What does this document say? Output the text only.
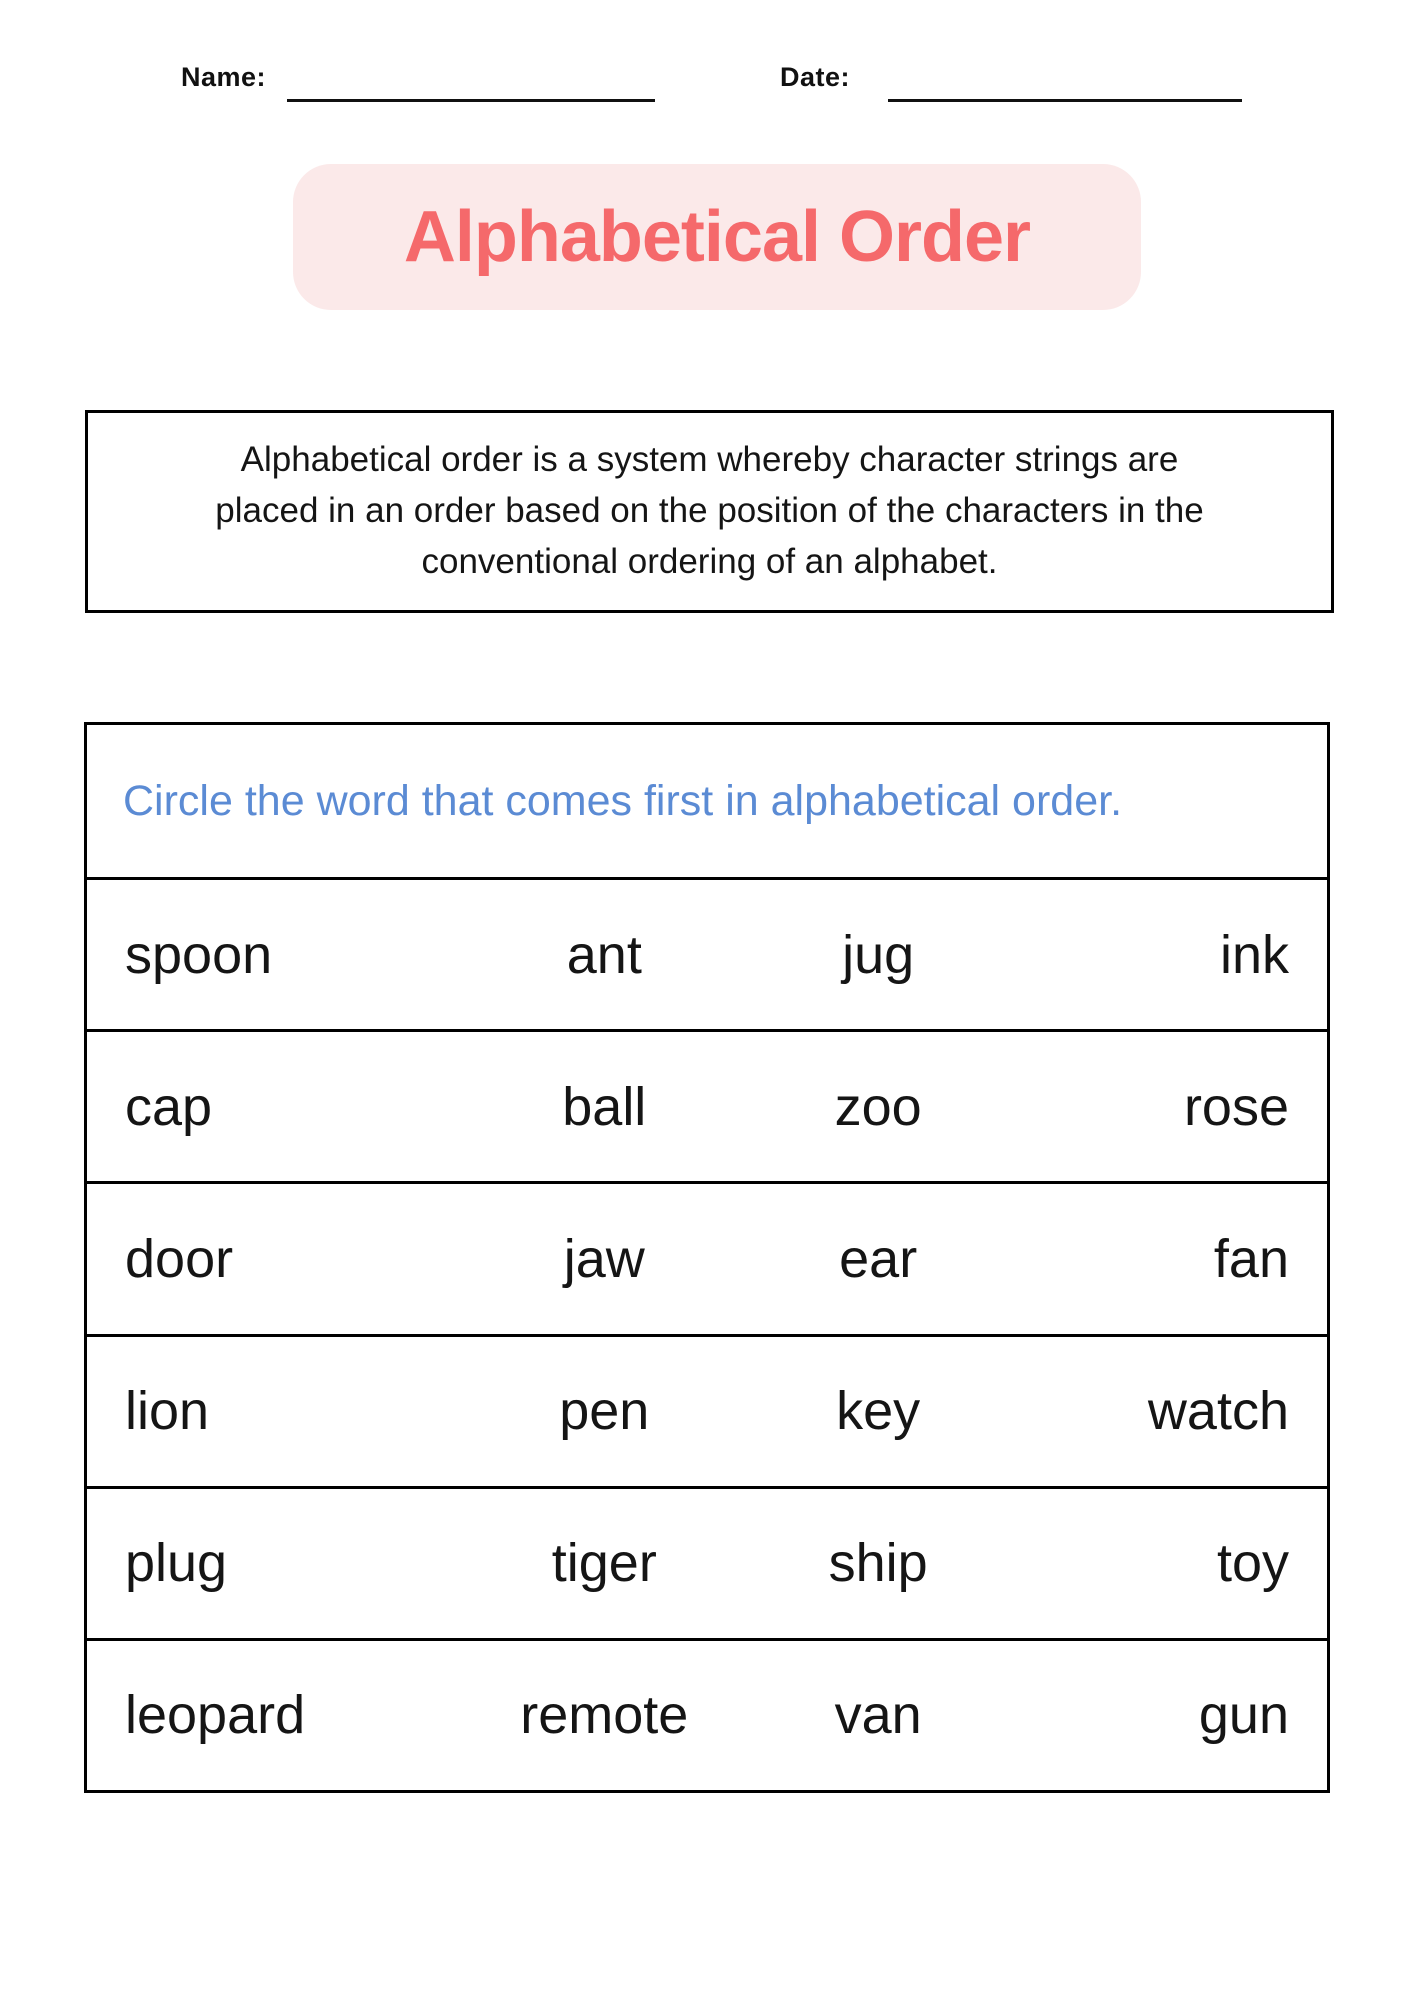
Name:	Date:
Alphabetical Order

Alphabetical order is a system whereby character strings are placed in an order based on the position of the characters in the conventional ordering of an alphabet.

Circle the word that comes first in alphabetical order.
spoon	ant	jug	ink
cap	ball	zoo	rose
door	jaw	ear	fan
lion	pen	key	watch
plug	tiger	ship	toy
leopard	remote	van	gun
